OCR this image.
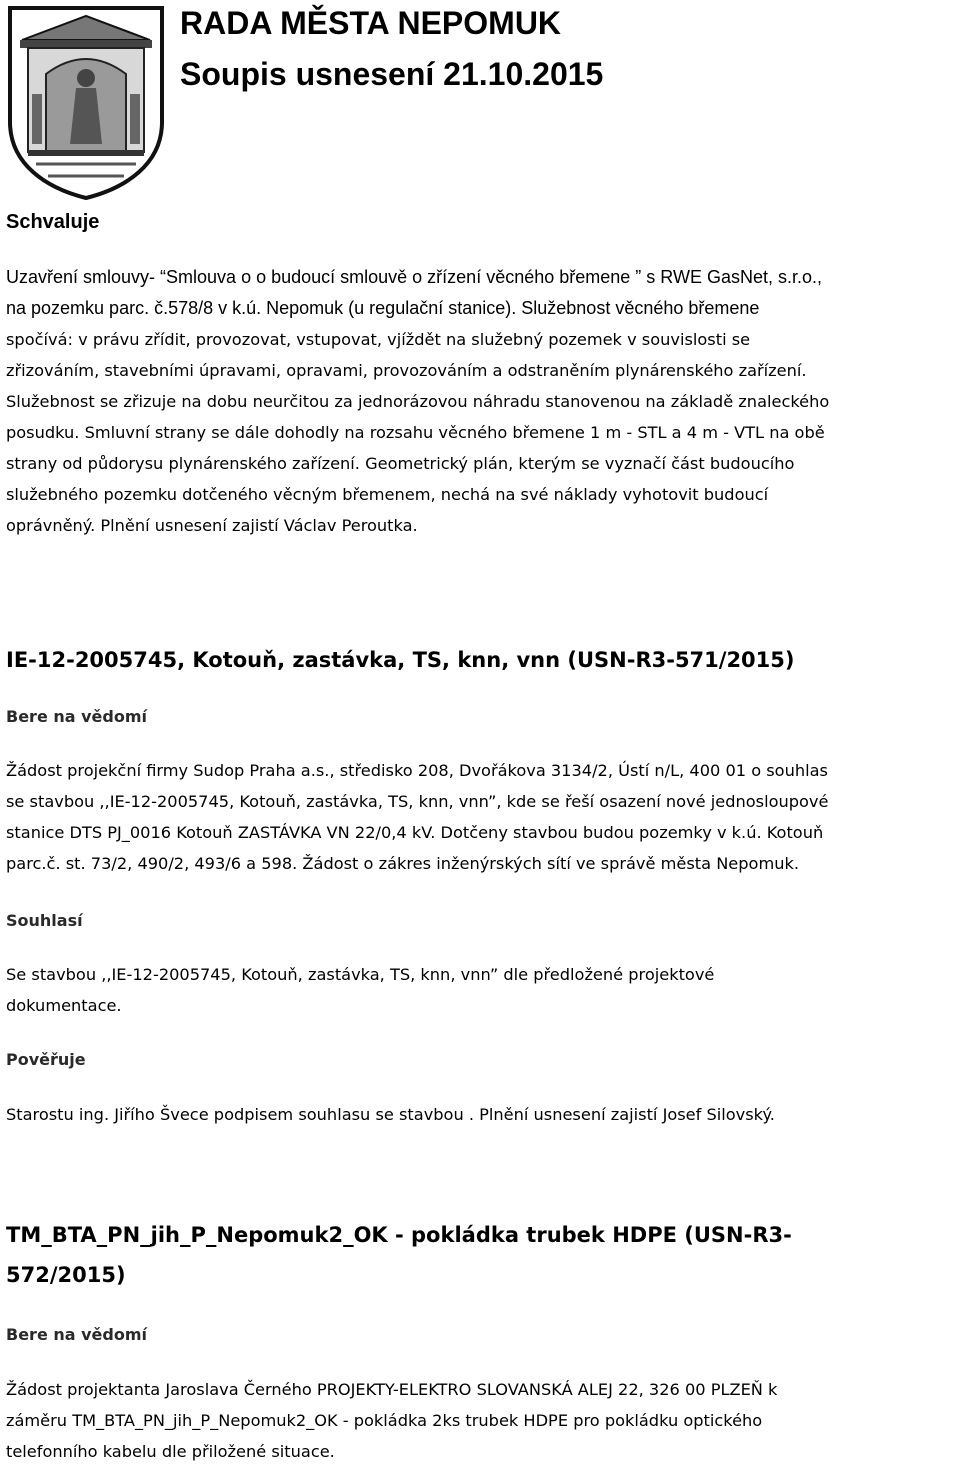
RADA MĚSTA NEPOMUK
Soupis usnesení 21.10.2015

Schvaluje

Uzavření smlouvy- “Smlouva o o budoucí smlouvě o zřízení věcného břemene ” s RWE GasNet, s.r.o.,
na pozemku parc. č.578/8 v k.ú. Nepomuk (u regulační stanice). Služebnost věcného břemene
spočívá: v právu zřídit, provozovat, vstupovat, vjíždět na služebný pozemek v souvislosti se
zřizováním, stavebními úpravami, opravami, provozováním a odstraněním plynárenského zařízení.
Služebnost se zřizuje na dobu neurčitou za jednorázovou náhradu stanovenou na základě znaleckého
posudku. Smluvní strany se dále dohodly na rozsahu věcného břemene 1 m - STL a 4 m - VTL na obě
strany od půdorysu plynárenského zařízení. Geometrický plán, kterým se vyznačí část budoucího
služebného pozemku dotčeného věcným břemenem, nechá na své náklady vyhotovit budoucí
oprávněný. Plnění usnesení zajistí Václav Peroutka.
IE-12-2005745, Kotouň, zastávka, TS, knn, vnn (USN-R3-571/2015)

Bere na vědomí

Žádost projekční firmy Sudop Praha a.s., středisko 208, Dvořákova 3134/2, Ústí n/L, 400 01 o souhlas
se stavbou ,,IE-12-2005745, Kotouň, zastávka, TS, knn, vnn”, kde se řeší osazení nové jednosloupové
stanice DTS PJ_0016 Kotouň ZASTÁVKA VN 22/0,4 kV. Dotčeny stavbou budou pozemky v k.ú. Kotouň
parc.č. st. 73/2, 490/2, 493/6 a 598. Žádost o zákres inženýrských sítí ve správě města Nepomuk.

Souhlasí

Se stavbou ,,IE-12-2005745, Kotouň, zastávka, TS, knn, vnn” dle předložené projektové
dokumentace.

Pověřuje

Starostu ing. Jiřího Švece podpisem souhlasu se stavbou . Plnění usnesení zajistí Josef Silovský.
TM_BTA_PN_jih_P_Nepomuk2_OK - pokládka trubek HDPE (USN-R3-
572/2015)

Bere na vědomí

Žádost projektanta Jaroslava Černého PROJEKTY-ELEKTRO SLOVANSKÁ ALEJ 22, 326 00 PLZEŇ k
záměru TM_BTA_PN_jih_P_Nepomuk2_OK - pokládka 2ks trubek HDPE pro pokládku optického
telefonního kabelu dle přiložené situace.
